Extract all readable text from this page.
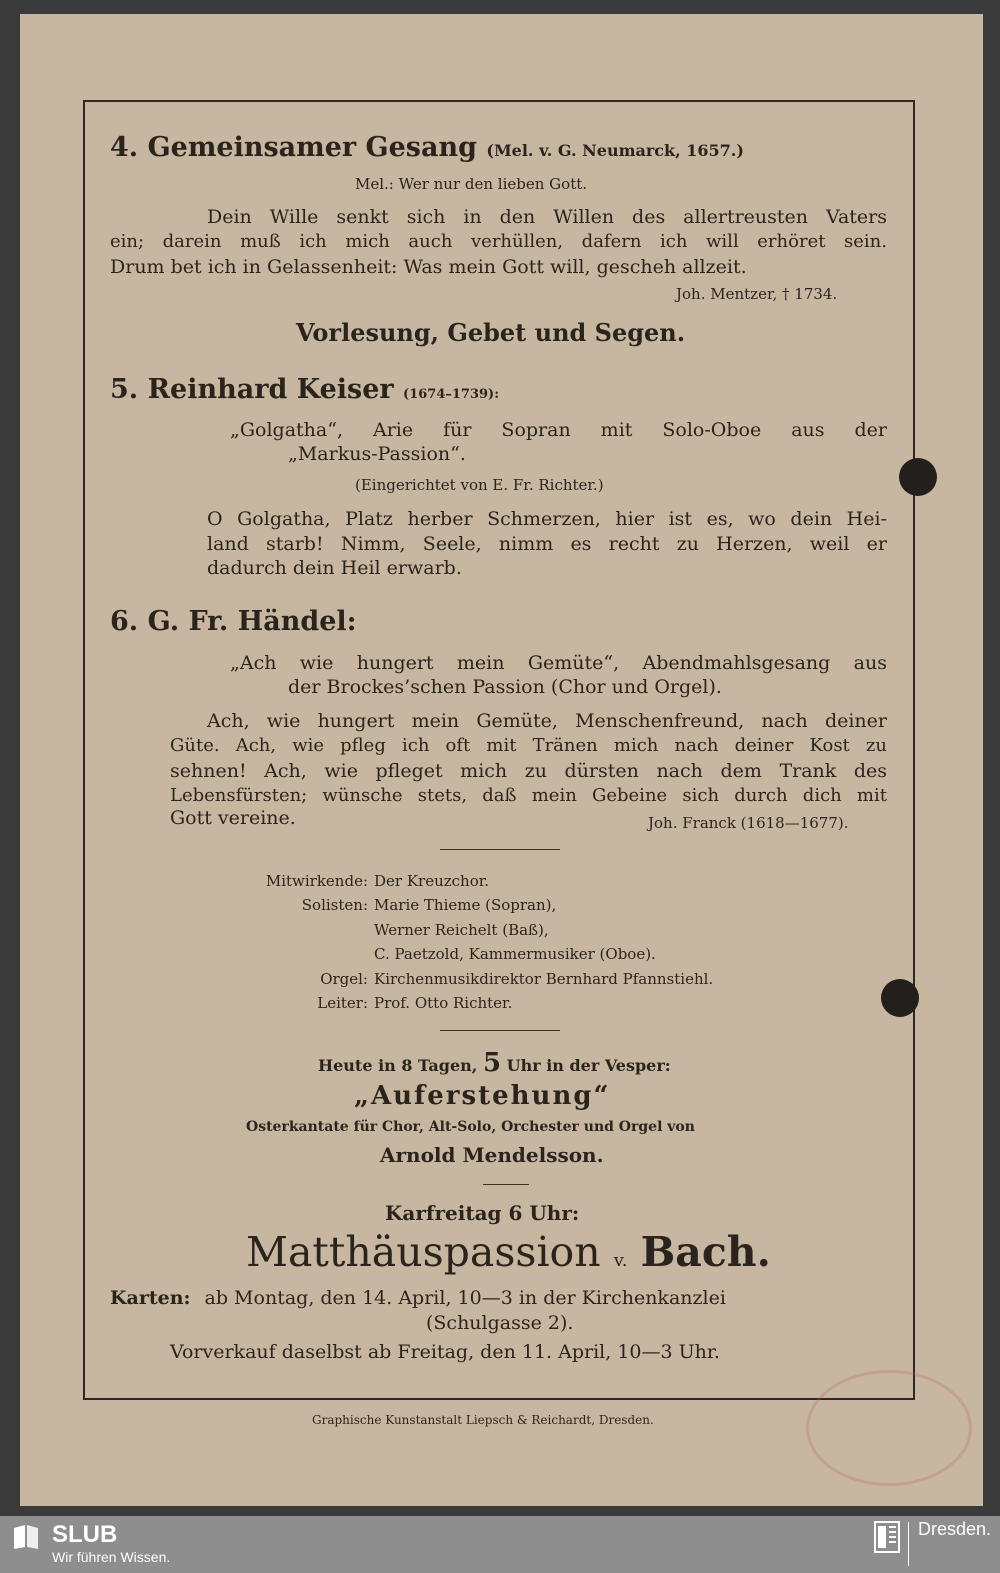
4. Gemeinsamer Gesang (Mel. v. G. Neumarck, 1657.)
Mel.: Wer nur den lieben Gott.
Dein Wille senkt sich in den Willen des allertreusten Vaters
ein; darein muß ich mich auch verhüllen, dafern ich will erhöret sein.
Drum bet ich in Gelassenheit: Was mein Gott will, gescheh allzeit.
Joh. Mentzer, † 1734.
Vorlesung, Gebet und Segen.
5. Reinhard Keiser (1674–1739):
„Golgatha“, Arie für Sopran mit Solo-Oboe aus der
„Markus-Passion“.
(Eingerichtet von E. Fr. Richter.)
O Golgatha, Platz herber Schmerzen, hier ist es, wo dein Hei-
land starb! Nimm, Seele, nimm es recht zu Herzen, weil er
dadurch dein Heil erwarb.
6. G. Fr. Händel:
„Ach wie hungert mein Gemüte“, Abendmahlsgesang aus
der Brockes’schen Passion (Chor und Orgel).
Ach, wie hungert mein Gemüte, Menschenfreund, nach deiner
Güte. Ach, wie pfleg ich oft mit Tränen mich nach deiner Kost zu
sehnen! Ach, wie pfleget mich zu dürsten nach dem Trank des
Lebensfürsten; wünsche stets, daß mein Gebeine sich durch dich mit
Gott vereine.	Joh. Franck (1618—1677).
Mitwirkende: Der Kreuzchor.
Solisten: Marie Thieme (Sopran),
Werner Reichelt (Baß),
C. Paetzold, Kammermusiker (Oboe).
Orgel: Kirchenmusikdirektor Bernhard Pfannstiehl.
Leiter: Prof. Otto Richter.
Heute in 8 Tagen, 5 Uhr in der Vesper:
„Auferstehung“
Osterkantate für Chor, Alt-Solo, Orchester und Orgel von
Arnold Mendelsson.
Karfreitag 6 Uhr:
Matthäuspassion v. Bach.
Karten: ab Montag, den 14. April, 10—3 in der Kirchenkanzlei
(Schulgasse 2).
Vorverkauf daselbst ab Freitag, den 11. April, 10—3 Uhr.
Graphische Kunstanstalt Liepsch & Reichardt, Dresden.
SLUB
Wir führen Wissen.
Dresden.
